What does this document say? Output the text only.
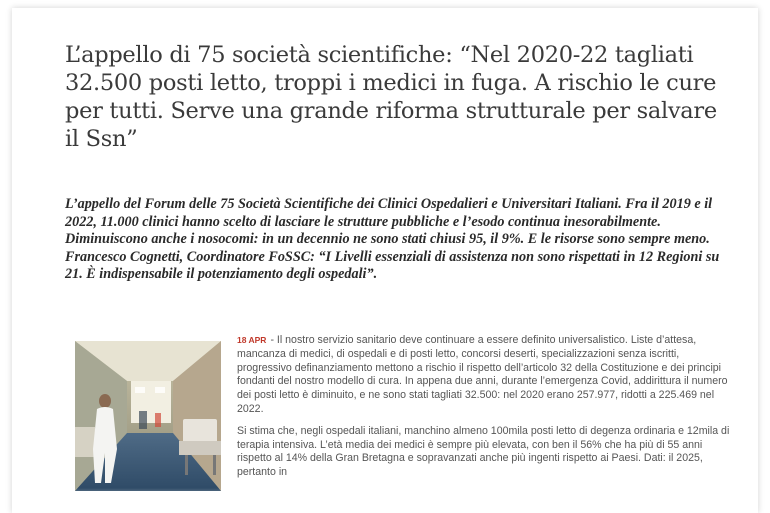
L’appello di 75 società scientifiche: “Nel 2020-22 tagliati 32.500 posti letto, troppi i medici in fuga. A rischio le cure per tutti. Serve una grande riforma strutturale per salvare il Ssn”

L’appello del Forum delle 75 Società Scientifiche dei Clinici Ospedalieri e Universitari Italiani. Fra il 2019 e il 2022, 11.000 clinici hanno scelto di lasciare le strutture pubbliche e l’esodo continua inesorabilmente. Diminuiscono anche i nosocomi: in un decennio ne sono stati chiusi 95, il 9%. E le risorse sono sempre meno. Francesco Cognetti, Coordinatore FoSSC: “I Livelli essenziali di assistenza non sono rispettati in 12 Regioni su 21. È indispensabile il potenziamento degli ospedali”.

18 APR - Il nostro servizio sanitario deve continuare a essere definito universalistico. Liste d’attesa, mancanza di medici, di ospedali e di posti letto, concorsi deserti, specializzazioni senza iscritti, progressivo definanziamento mettono a rischio il rispetto dell’articolo 32 della Costituzione e dei principi fondanti del nostro modello di cura. In appena due anni, durante l’emergenza Covid, addirittura il numero dei posti letto è diminuito, e ne sono stati tagliati 32.500: nel 2020 erano 257.977, ridotti a 225.469 nel 2022.

Si stima che, negli ospedali italiani, manchino almeno 100mila posti letto di degenza ordinaria e 12mila di terapia intensiva. L’età media dei medici è sempre più elevata, con ben il 56% che ha più di 55 anni rispetto al 14% della Gran Bretagna e sopravanzati anche più ingenti rispetto ai Paesi. Dati: il 2025, pertanto in
